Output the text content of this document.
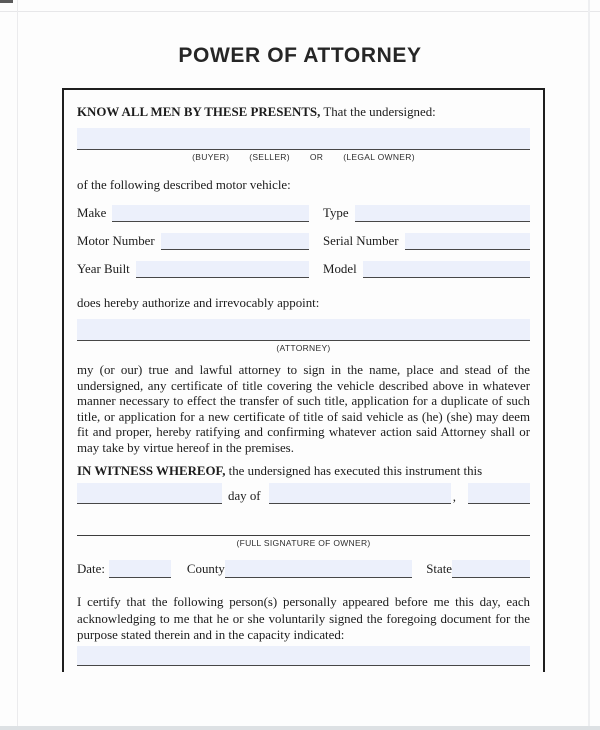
POWER OF ATTORNEY

KNOW ALL MEN BY THESE PRESENTS, That the undersigned:

(BUYER) (SELLER) OR (LEGAL OWNER)

of the following described motor vehicle:

Make	Type
Motor Number	Serial Number
Year Built	Model

does hereby authorize and irrevocably appoint:

(ATTORNEY)

my (or our) true and lawful attorney to sign in the name, place and stead of the undersigned, any certificate of title covering the vehicle described above in whatever manner necessary to effect the transfer of such title, application for a duplicate of such title, or application for a new certificate of title of said vehicle as (he) (she) may deem fit and proper, hereby ratifying and confirming whatever action said Attorney shall or may take by virtue hereof in the premises.

IN WITNESS WHEREOF, the undersigned has executed this instrument this

day of	,
(FULL SIGNATURE OF OWNER)
Date:	County	State

I certify that the following person(s) personally appeared before me this day, each acknowledging to me that he or she voluntarily signed the foregoing document for the purpose stated therein and in the capacity indicated:
